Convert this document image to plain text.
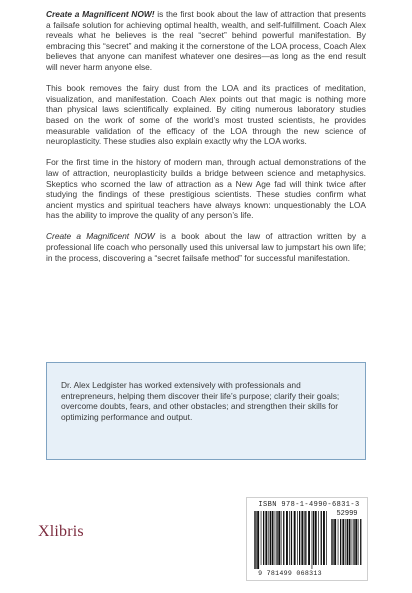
Create a Magnificent NOW! is the first book about the law of attraction that presents a failsafe solution for achieving optimal health, wealth, and self-fulfillment. Coach Alex reveals what he believes is the real “secret” behind powerful manifestation. By embracing this “secret” and making it the cornerstone of the LOA process, Coach Alex believes that anyone can manifest whatever one desires—as long as the end result will never harm anyone else.

This book removes the fairy dust from the LOA and its practices of meditation, visualization, and manifestation. Coach Alex points out that magic is nothing more than physical laws scientifically explained. By citing numerous laboratory studies based on the work of some of the world’s most trusted scientists, he provides measurable validation of the efficacy of the LOA through the new science of neuroplasticity. These studies also explain exactly why the LOA works.

For the first time in the history of modern man, through actual demonstrations of the law of attraction, neuroplasticity builds a bridge between science and metaphysics. Skeptics who scorned the law of attraction as a New Age fad will think twice after studying the findings of these prestigious scientists. These studies confirm what ancient mystics and spiritual teachers have always known: unquestionably the LOA has the ability to improve the quality of any person’s life.

Create a Magnificent NOW is a book about the law of attraction written by a professional life coach who personally used this universal law to jumpstart his own life; in the process, discovering a “secret failsafe method” for successful manifestation.

Dr. Alex Ledgister has worked extensively with professionals and entrepreneurs, helping them discover their life’s purpose; clarify their goals; overcome doubts, fears, and other obstacles; and strengthen their skills for optimizing performance and output.
Xlibris
ISBN 978-1-4990-6831-3
52999
9 781499 068313
